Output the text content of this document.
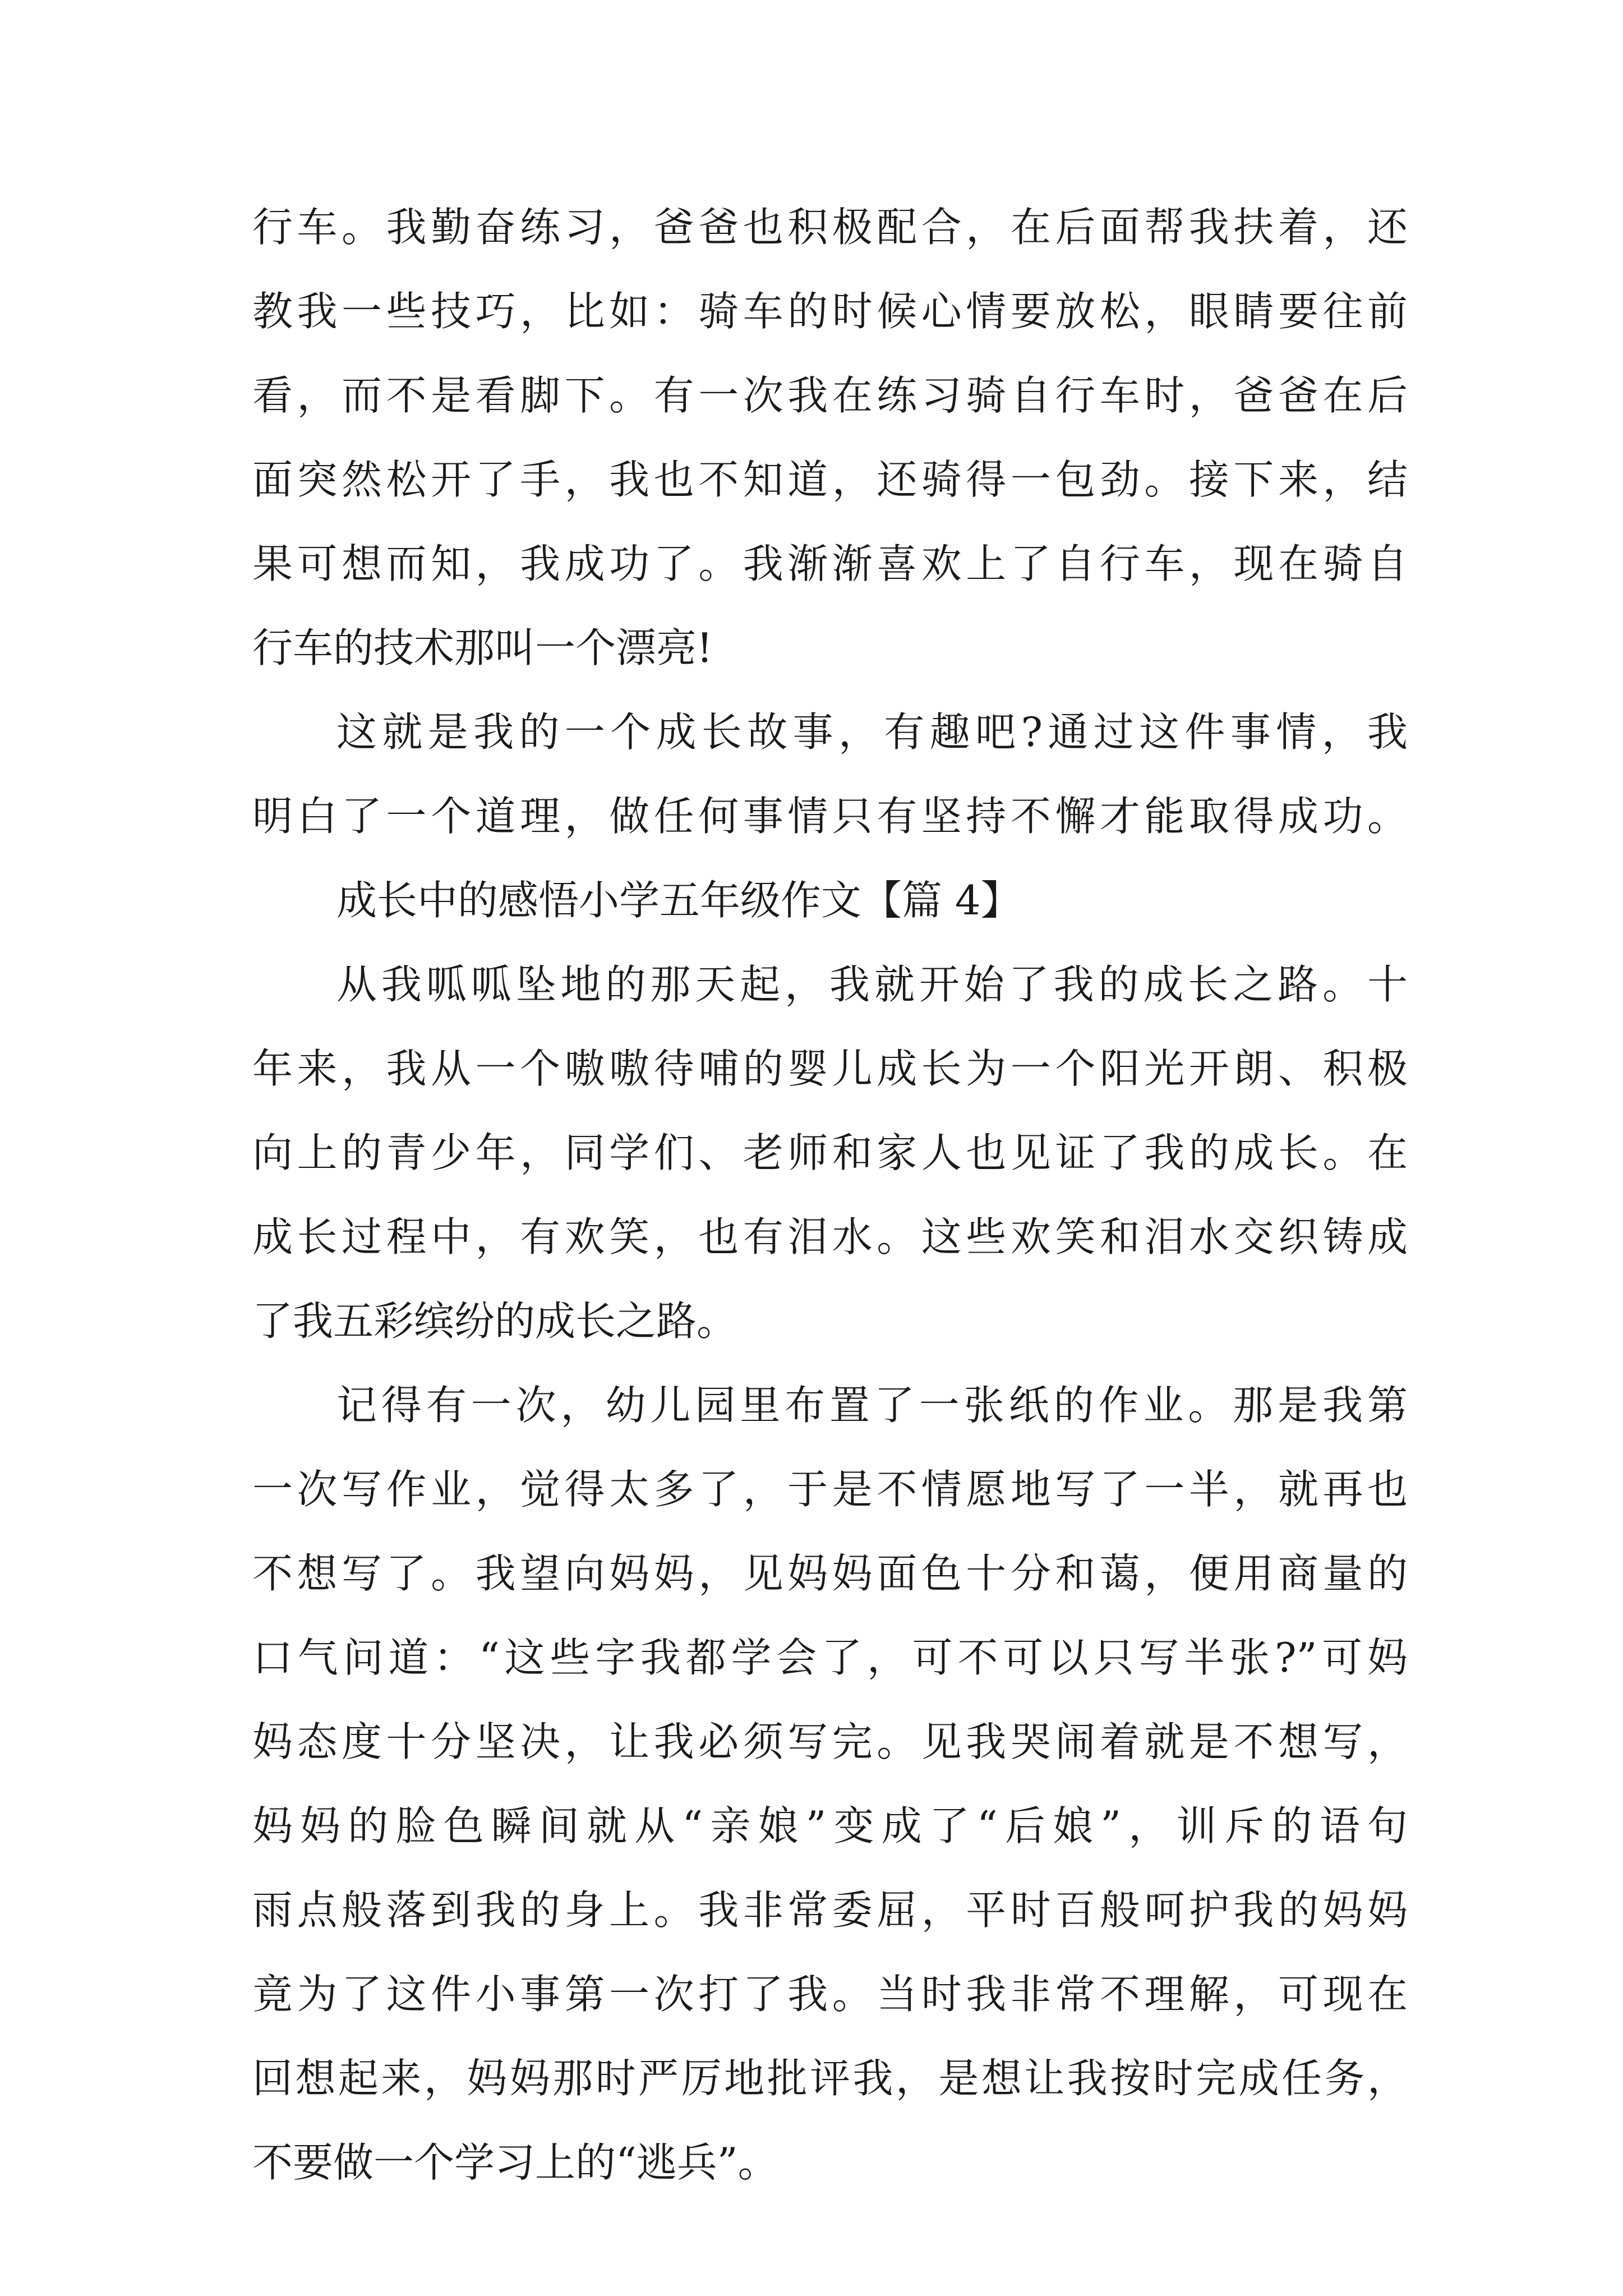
行车。我勤奋练习，爸爸也积极配合，在后面帮我扶着，还
教我一些技巧，比如：骑车的时候心情要放松，眼睛要往前
看，而不是看脚下。有一次我在练习骑自行车时，爸爸在后
面突然松开了手，我也不知道，还骑得一包劲。接下来，结
果可想而知，我成功了。我渐渐喜欢上了自行车，现在骑自
行车的技术那叫一个漂亮!
这就是我的一个成长故事，有趣吧?通过这件事情，我
明白了一个道理，做任何事情只有坚持不懈才能取得成功。
成长中的感悟小学五年级作文【篇 4】
从我呱呱坠地的那天起，我就开始了我的成长之路。十
年来，我从一个嗷嗷待哺的婴儿成长为一个阳光开朗、积极
向上的青少年，同学们、老师和家人也见证了我的成长。在
成长过程中，有欢笑，也有泪水。这些欢笑和泪水交织铸成
了我五彩缤纷的成长之路。
记得有一次，幼儿园里布置了一张纸的作业。那是我第
一次写作业，觉得太多了，于是不情愿地写了一半，就再也
不想写了。我望向妈妈，见妈妈面色十分和蔼，便用商量的
口气问道：“这些字我都学会了，可不可以只写半张?”可妈
妈态度十分坚决，让我必须写完。见我哭闹着就是不想写，
妈妈的脸色瞬间就从“亲娘”变成了“后娘”，训斥的语句
雨点般落到我的身上。我非常委屈，平时百般呵护我的妈妈
竟为了这件小事第一次打了我。当时我非常不理解，可现在
回想起来，妈妈那时严厉地批评我，是想让我按时完成任务，
不要做一个学习上的“逃兵”。
